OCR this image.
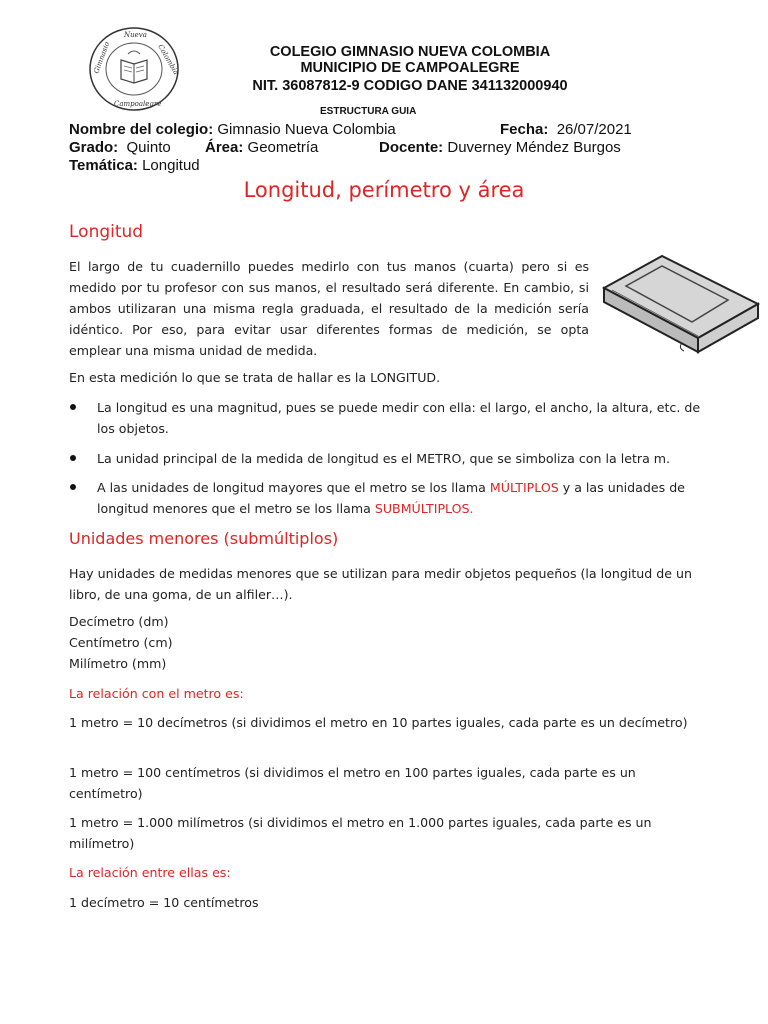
Gimnasio
Nueva
Colombia
Campoalegre
COLEGIO GIMNASIO NUEVA COLOMBIA
MUNICIPIO DE CAMPOALEGRE
NIT. 36087812-9 CODIGO DANE 341132000940
ESTRUCTURA GUIA
Nombre del colegio: Gimnasio Nueva Colombia	Fecha: 26/07/2021
Grado: Quinto Área: Geometría	Docente: Duverney Méndez Burgos
Temática: Longitud
Longitud, perímetro y área
Longitud
El largo de tu cuadernillo puedes medirlo con tus manos (cuarta) pero si es medido por tu profesor con sus manos, el resultado será diferente. En cambio, si ambos utilizaran una misma regla graduada, el resultado de la medición sería idéntico. Por eso, para evitar usar diferentes formas de medición, se opta emplear una misma unidad de medida.
En esta medición lo que se trata de hallar es la LONGITUD.
La longitud es una magnitud, pues se puede medir con ella: el largo, el ancho, la altura, etc. de los objetos.
La unidad principal de la medida de longitud es el METRO, que se simboliza con la letra m.
A las unidades de longitud mayores que el metro se los llama MÚLTIPLOS y a las unidades de longitud menores que el metro se los llama SUBMÚLTIPLOS.
Unidades menores (submúltiplos)
Hay unidades de medidas menores que se utilizan para medir objetos pequeños (la longitud de un libro, de una goma, de un alfiler…).
Decímetro (dm)
Centímetro (cm)
Milímetro (mm)
La relación con el metro es:
1 metro = 10 decímetros (si dividimos el metro en 10 partes iguales, cada parte es un decímetro)
1 metro = 100 centímetros (si dividimos el metro en 100 partes iguales, cada parte es un centímetro)
1 metro = 1.000 milímetros (si dividimos el metro en 1.000 partes iguales, cada parte es un milímetro)
La relación entre ellas es:
1 decímetro = 10 centímetros
